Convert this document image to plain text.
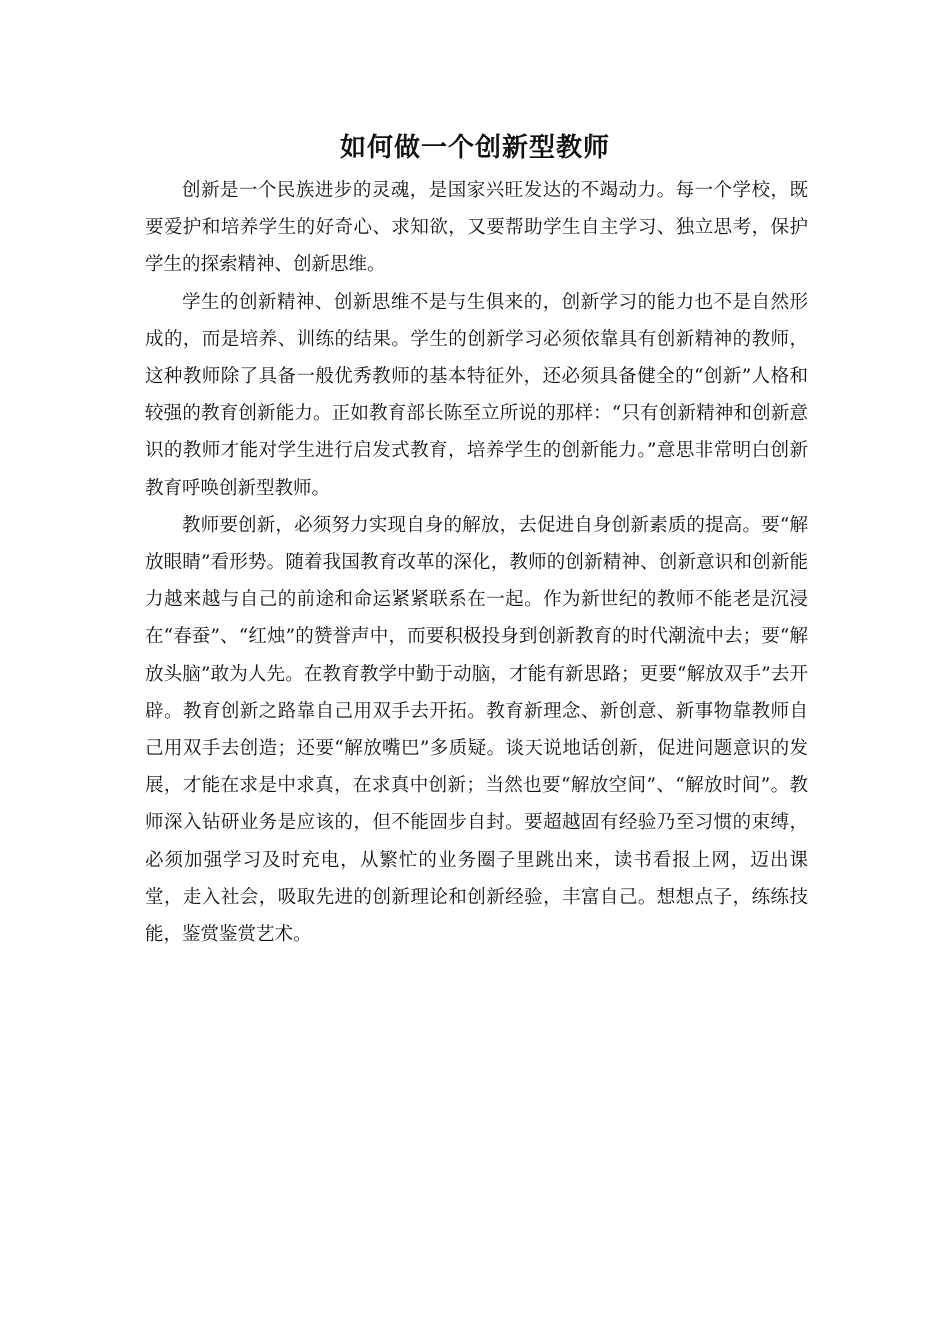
如何做一个创新型教师

创新是一个民族进步的灵魂，是国家兴旺发达的不竭动力。每一个学校，既要爱护和培养学生的好奇心、求知欲，又要帮助学生自主学习、独立思考，保护学生的探索精神、创新思维。

学生的创新精神、创新思维不是与生俱来的，创新学习的能力也不是自然形成的，而是培养、训练的结果。学生的创新学习必须依靠具有创新精神的教师，这种教师除了具备一般优秀教师的基本特征外，还必须具备健全的“创新”人格和较强的教育创新能力。正如教育部长陈至立所说的那样：“只有创新精神和创新意识的教师才能对学生进行启发式教育，培养学生的创新能力。”意思非常明白创新教育呼唤创新型教师。

教师要创新，必须努力实现自身的解放，去促进自身创新素质的提高。要“解放眼睛”看形势。随着我国教育改革的深化，教师的创新精神、创新意识和创新能力越来越与自己的前途和命运紧紧联系在一起。作为新世纪的教师不能老是沉浸在“春蚕”、“红烛”的赞誉声中，而要积极投身到创新教育的时代潮流中去；要“解放头脑”敢为人先。在教育教学中勤于动脑，才能有新思路；更要“解放双手”去开辟。教育创新之路靠自己用双手去开拓。教育新理念、新创意、新事物靠教师自己用双手去创造；还要“解放嘴巴”多质疑。谈天说地话创新，促进问题意识的发展，才能在求是中求真，在求真中创新；当然也要“解放空间”、“解放时间”。教师深入钻研业务是应该的，但不能固步自封。要超越固有经验乃至习惯的束缚，必须加强学习及时充电，从繁忙的业务圈子里跳出来，读书看报上网，迈出课堂，走入社会，吸取先进的创新理论和创新经验，丰富自己。想想点子，练练技能，鉴赏鉴赏艺术。
